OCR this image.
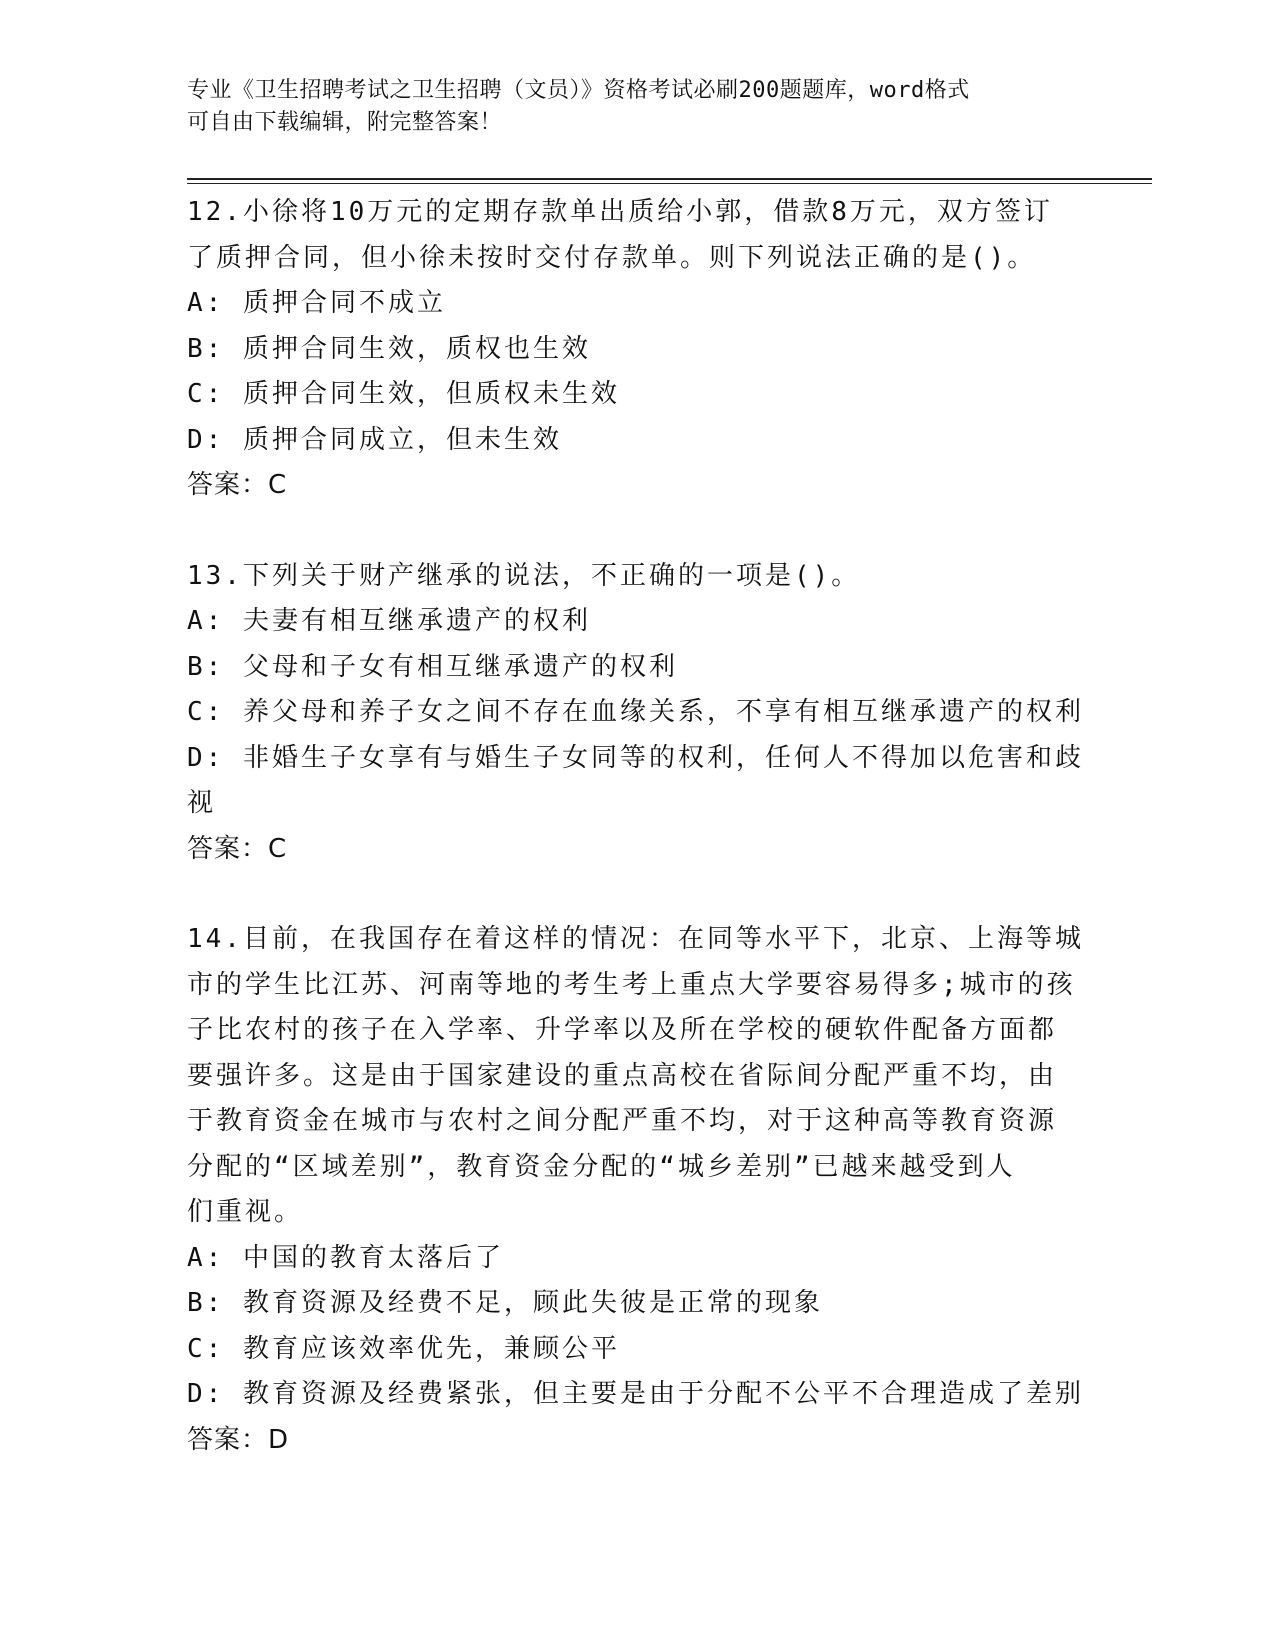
专业《卫生招聘考试之卫生招聘（文员）》资格考试必刷200题题库，word格式
可自由下载编辑，附完整答案！
12.小徐将10万元的定期存款单出质给小郭，借款8万元，双方签订
了质押合同，但小徐未按时交付存款单。则下列说法正确的是()。
A: 质押合同不成立
B: 质押合同生效，质权也生效
C: 质押合同生效，但质权未生效
D: 质押合同成立，但未生效
答案：C
13.下列关于财产继承的说法，不正确的一项是()。
A: 夫妻有相互继承遗产的权利
B: 父母和子女有相互继承遗产的权利
C: 养父母和养子女之间不存在血缘关系，不享有相互继承遗产的权利
D: 非婚生子女享有与婚生子女同等的权利，任何人不得加以危害和歧
视
答案：C
14.目前，在我国存在着这样的情况：在同等水平下，北京、上海等城
市的学生比江苏、河南等地的考生考上重点大学要容易得多;城市的孩
子比农村的孩子在入学率、升学率以及所在学校的硬软件配备方面都
要强许多。这是由于国家建设的重点高校在省际间分配严重不均，由
于教育资金在城市与农村之间分配严重不均，对于这种高等教育资源
分配的“区域差别”，教育资金分配的“城乡差别”已越来越受到人
们重视。
A: 中国的教育太落后了
B: 教育资源及经费不足，顾此失彼是正常的现象
C: 教育应该效率优先，兼顾公平
D: 教育资源及经费紧张，但主要是由于分配不公平不合理造成了差别
答案：D
